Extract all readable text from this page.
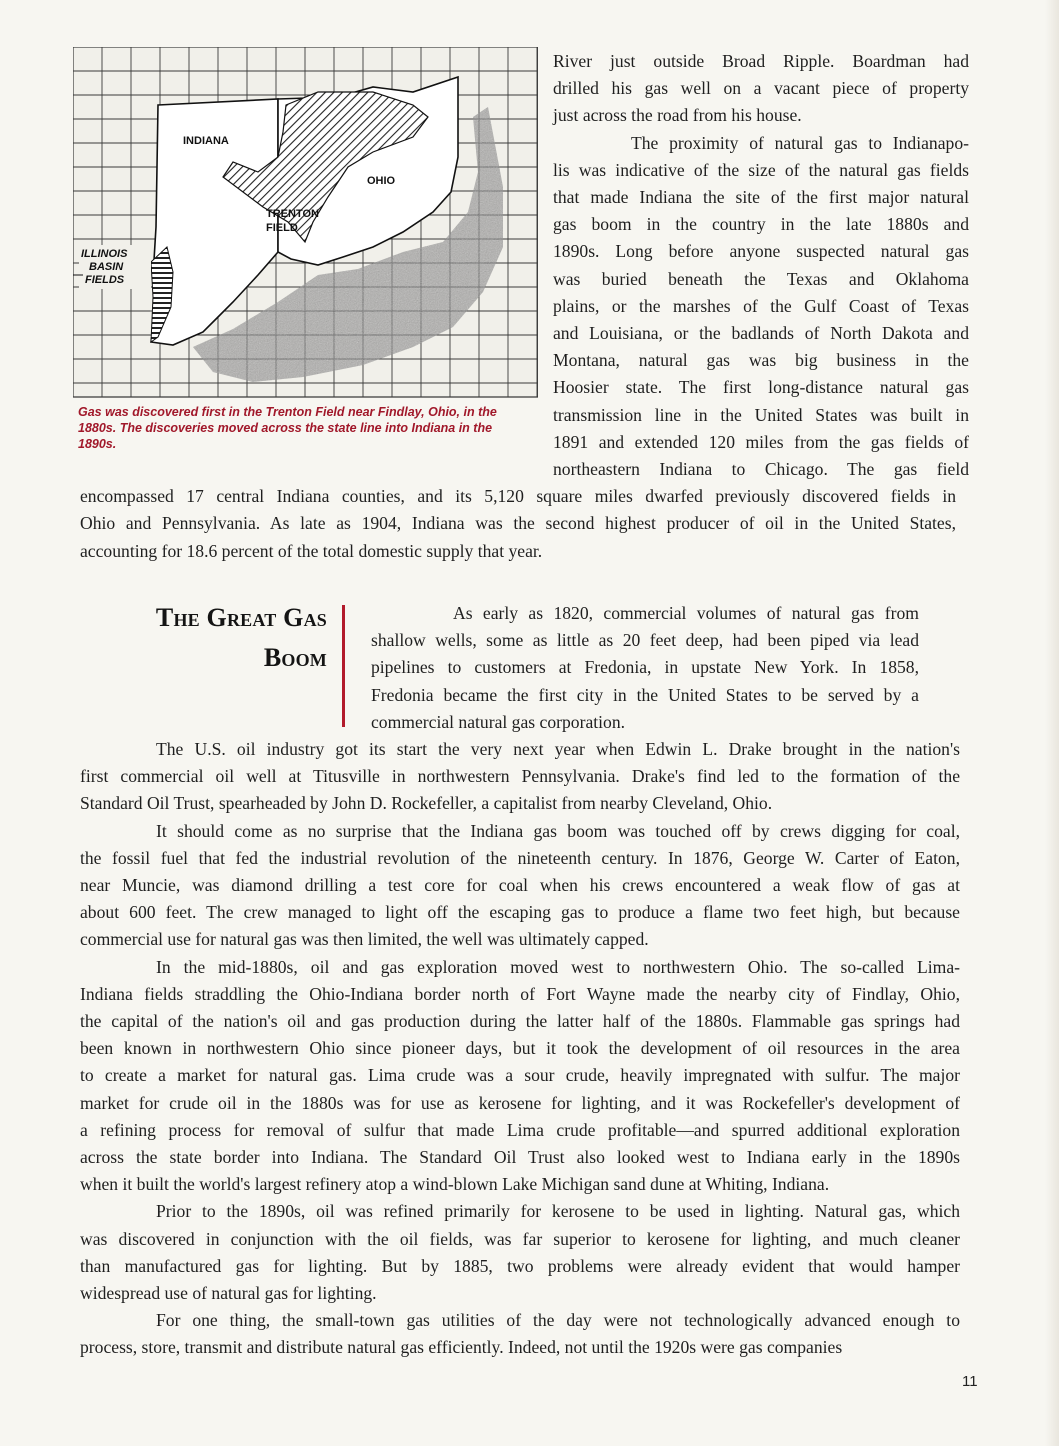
INDIANA
OHIO
TRENTON
FIELD
ILLINOIS
BASIN
FIELDS
Gas was discovered first in the Trenton Field near Findlay, Ohio, in the 1880s. The discoveries moved across the state line into Indiana in the 1890s.

River just outside Broad Ripple. Boardman had

drilled his gas well on a vacant piece of property

just across the road from his house.

The proximity of natural gas to Indianapo-

lis was indicative of the size of the natural gas fields

that made Indiana the site of the first major natural

gas boom in the country in the late 1880s and

1890s. Long before anyone suspected natural gas

was buried beneath the Texas and Oklahoma

plains, or the marshes of the Gulf Coast of Texas

and Louisiana, or the badlands of North Dakota and

Montana, natural gas was big business in the

Hoosier state. The first long-distance natural gas

transmission line in the United States was built in

1891 and extended 120 miles from the gas fields of

northeastern Indiana to Chicago. The gas field

encompassed 17 central Indiana counties, and its 5,120 square miles dwarfed previously discovered fields in

Ohio and Pennsylvania. As late as 1904, Indiana was the second highest producer of oil in the United States,

accounting for 18.6 percent of the total domestic supply that year.

The Great Gas
Boom

As early as 1820, commercial volumes of natural gas from

shallow wells, some as little as 20 feet deep, had been piped via lead

pipelines to customers at Fredonia, in upstate New York. In 1858,

Fredonia became the first city in the United States to be served by a

commercial natural gas corporation.

The U.S. oil industry got its start the very next year when Edwin L. Drake brought in the nation's

first commercial oil well at Titusville in northwestern Pennsylvania. Drake's find led to the formation of the

Standard Oil Trust, spearheaded by John D. Rockefeller, a capitalist from nearby Cleveland, Ohio.

It should come as no surprise that the Indiana gas boom was touched off by crews digging for coal,

the fossil fuel that fed the industrial revolution of the nineteenth century. In 1876, George W. Carter of Eaton,

near Muncie, was diamond drilling a test core for coal when his crews encountered a weak flow of gas at

about 600 feet. The crew managed to light off the escaping gas to produce a flame two feet high, but because

commercial use for natural gas was then limited, the well was ultimately capped.

In the mid-1880s, oil and gas exploration moved west to northwestern Ohio. The so-called Lima-

Indiana fields straddling the Ohio-Indiana border north of Fort Wayne made the nearby city of Findlay, Ohio,

the capital of the nation's oil and gas production during the latter half of the 1880s. Flammable gas springs had

been known in northwestern Ohio since pioneer days, but it took the development of oil resources in the area

to create a market for natural gas. Lima crude was a sour crude, heavily impregnated with sulfur. The major

market for crude oil in the 1880s was for use as kerosene for lighting, and it was Rockefeller's development of

a refining process for removal of sulfur that made Lima crude profitable—and spurred additional exploration

across the state border into Indiana. The Standard Oil Trust also looked west to Indiana early in the 1890s

when it built the world's largest refinery atop a wind-blown Lake Michigan sand dune at Whiting, Indiana.

Prior to the 1890s, oil was refined primarily for kerosene to be used in lighting. Natural gas, which

was discovered in conjunction with the oil fields, was far superior to kerosene for lighting, and much cleaner

than manufactured gas for lighting. But by 1885, two problems were already evident that would hamper

widespread use of natural gas for lighting.

For one thing, the small-town gas utilities of the day were not technologically advanced enough to

process, store, transmit and distribute natural gas efficiently. Indeed, not until the 1920s were gas companies

11
